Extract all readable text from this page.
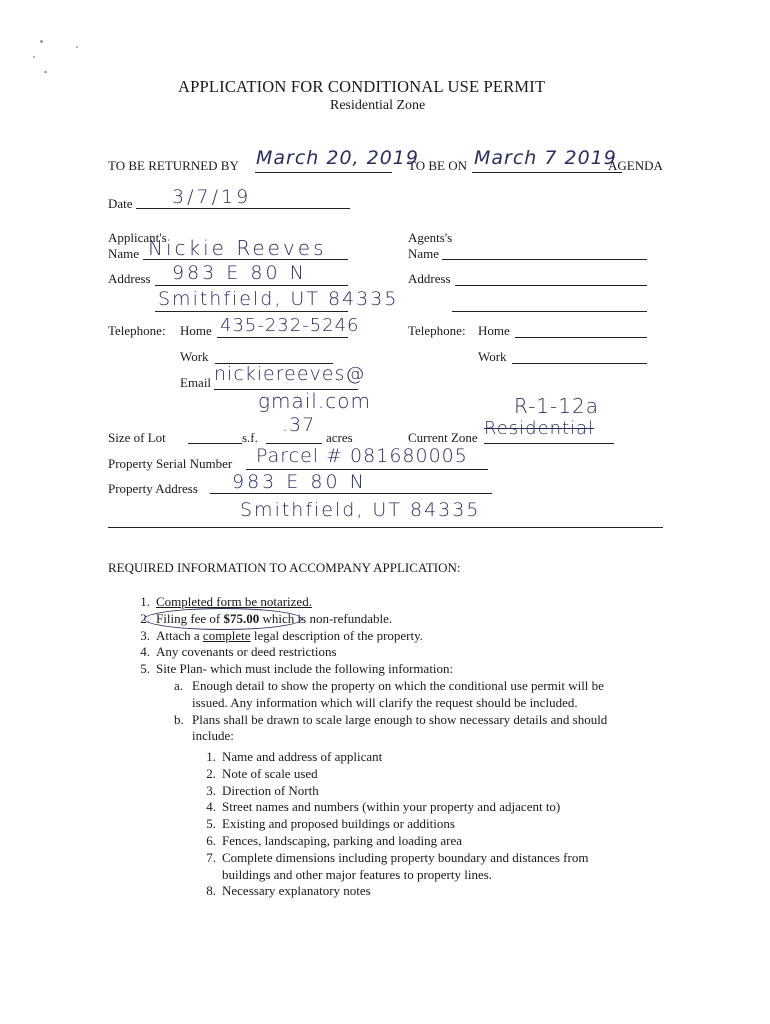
APPLICATION FOR CONDITIONAL USE PERMIT
Residential Zone
TO BE RETURNED BY March 20, 2019
TO BE ON March 7 2019
AGENDA
Date 3/7/19
Applicant's
Name Nickie Reeves
Address 983 E 80 N
Smithfield, UT 84335
Telephone: Home 435-232-5246
Work
Email nickiereeves@
gmail.com
Agents's
Name
Address
Telephone: Home
Work
R-1-12a
Size of Lot	s.f.
.37
acres	Current Zone Residential
Property Serial Number Parcel # 081680005
Property Address 983 E 80 N
Smithfield, UT 84335
REQUIRED INFORMATION TO ACCOMPANY APPLICATION:
1. Completed form be notarized.
2. Filing fee of $75.00 which is non-refundable.
3. Attach a complete legal description of the property.
4. Any covenants or deed restrictions
5. Site Plan- which must include the following information:
a. Enough detail to show the property on which the conditional use permit will be
issued. Any information which will clarify the request should be included.
b. Plans shall be drawn to scale large enough to show necessary details and should
include:
1. Name and address of applicant
2. Note of scale used
3. Direction of North
4. Street names and numbers (within your property and adjacent to)
5. Existing and proposed buildings or additions
6. Fences, landscaping, parking and loading area
7. Complete dimensions including property boundary and distances from
buildings and other major features to property lines.
8. Necessary explanatory notes
